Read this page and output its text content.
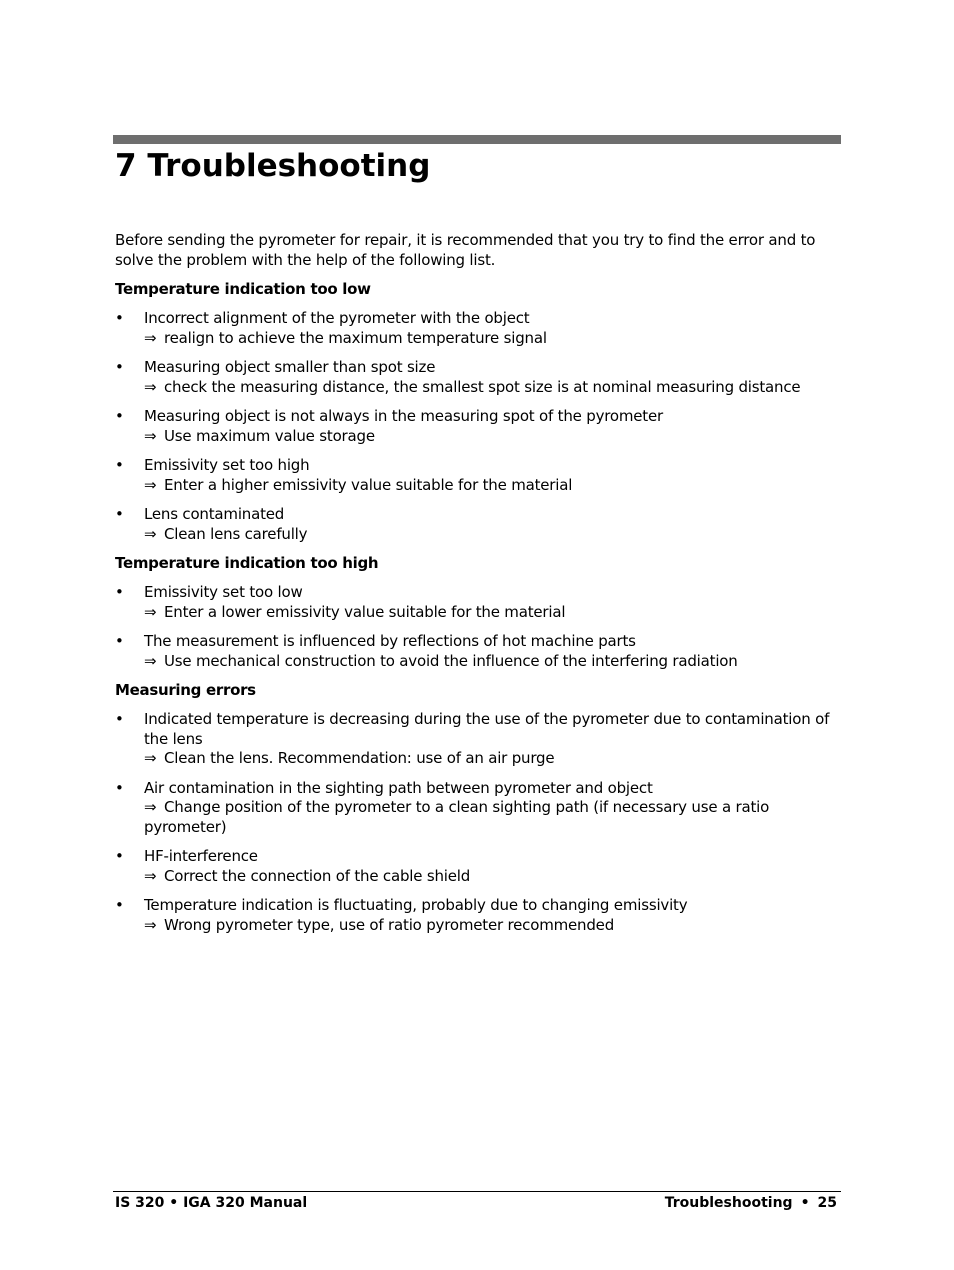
7 Troubleshooting

Before sending the pyrometer for repair, it is recommended that you try to find the error and to solve the problem with the help of the following list.

Temperature indication too low
• Incorrect alignment of the pyrometer with the object
⇒ realign to achieve the maximum temperature signal
• Measuring object smaller than spot size
⇒ check the measuring distance, the smallest spot size is at nominal measuring distance
• Measuring object is not always in the measuring spot of the pyrometer
⇒ Use maximum value storage
• Emissivity set too high
⇒ Enter a higher emissivity value suitable for the material
• Lens contaminated
⇒ Clean lens carefully
Temperature indication too high
• Emissivity set too low
⇒ Enter a lower emissivity value suitable for the material
• The measurement is influenced by reflections of hot machine parts
⇒ Use mechanical construction to avoid the influence of the interfering radiation
Measuring errors
• Indicated temperature is decreasing during the use of the pyrometer due to contamination of the lens
⇒ Clean the lens. Recommendation: use of an air purge
• Air contamination in the sighting path between pyrometer and object
⇒ Change position of the pyrometer to a clean sighting path (if necessary use a ratio pyrometer)
• HF-interference
⇒ Correct the connection of the cable shield
• Temperature indication is fluctuating, probably due to changing emissivity
⇒ Wrong pyrometer type, use of ratio pyrometer recommended
IS 320 • IGA 320 Manual	Troubleshooting • 25
